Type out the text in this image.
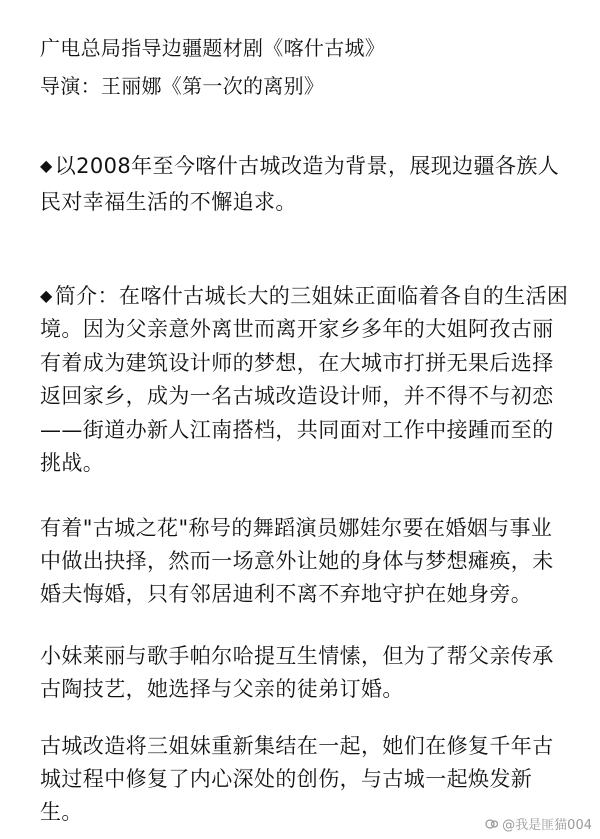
广电总局指导边疆题材剧《喀什古城》

导演：王丽娜《第一次的离别》

◆以2008年至今喀什古城改造为背景，展现边疆各族人民对幸福生活的不懈追求。

◆简介：在喀什古城长大的三姐妹正面临着各自的生活困境。因为父亲意外离世而离开家乡多年的大姐阿孜古丽有着成为建筑设计师的梦想，在大城市打拼无果后选择返回家乡，成为一名古城改造设计师，并不得不与初恋——街道办新人江南搭档，共同面对工作中接踵而至的挑战。

有着"古城之花"称号的舞蹈演员娜娃尔要在婚姻与事业中做出抉择，然而一场意外让她的身体与梦想瘫痪，未婚夫悔婚，只有邻居迪利不离不弃地守护在她身旁。

小妹莱丽与歌手帕尔哈提互生情愫，但为了帮父亲传承古陶技艺，她选择与父亲的徒弟订婚。

古城改造将三姐妹重新集结在一起，她们在修复千年古城过程中修复了内心深处的创伤，与古城一起焕发新生。

@我是匪猫004
